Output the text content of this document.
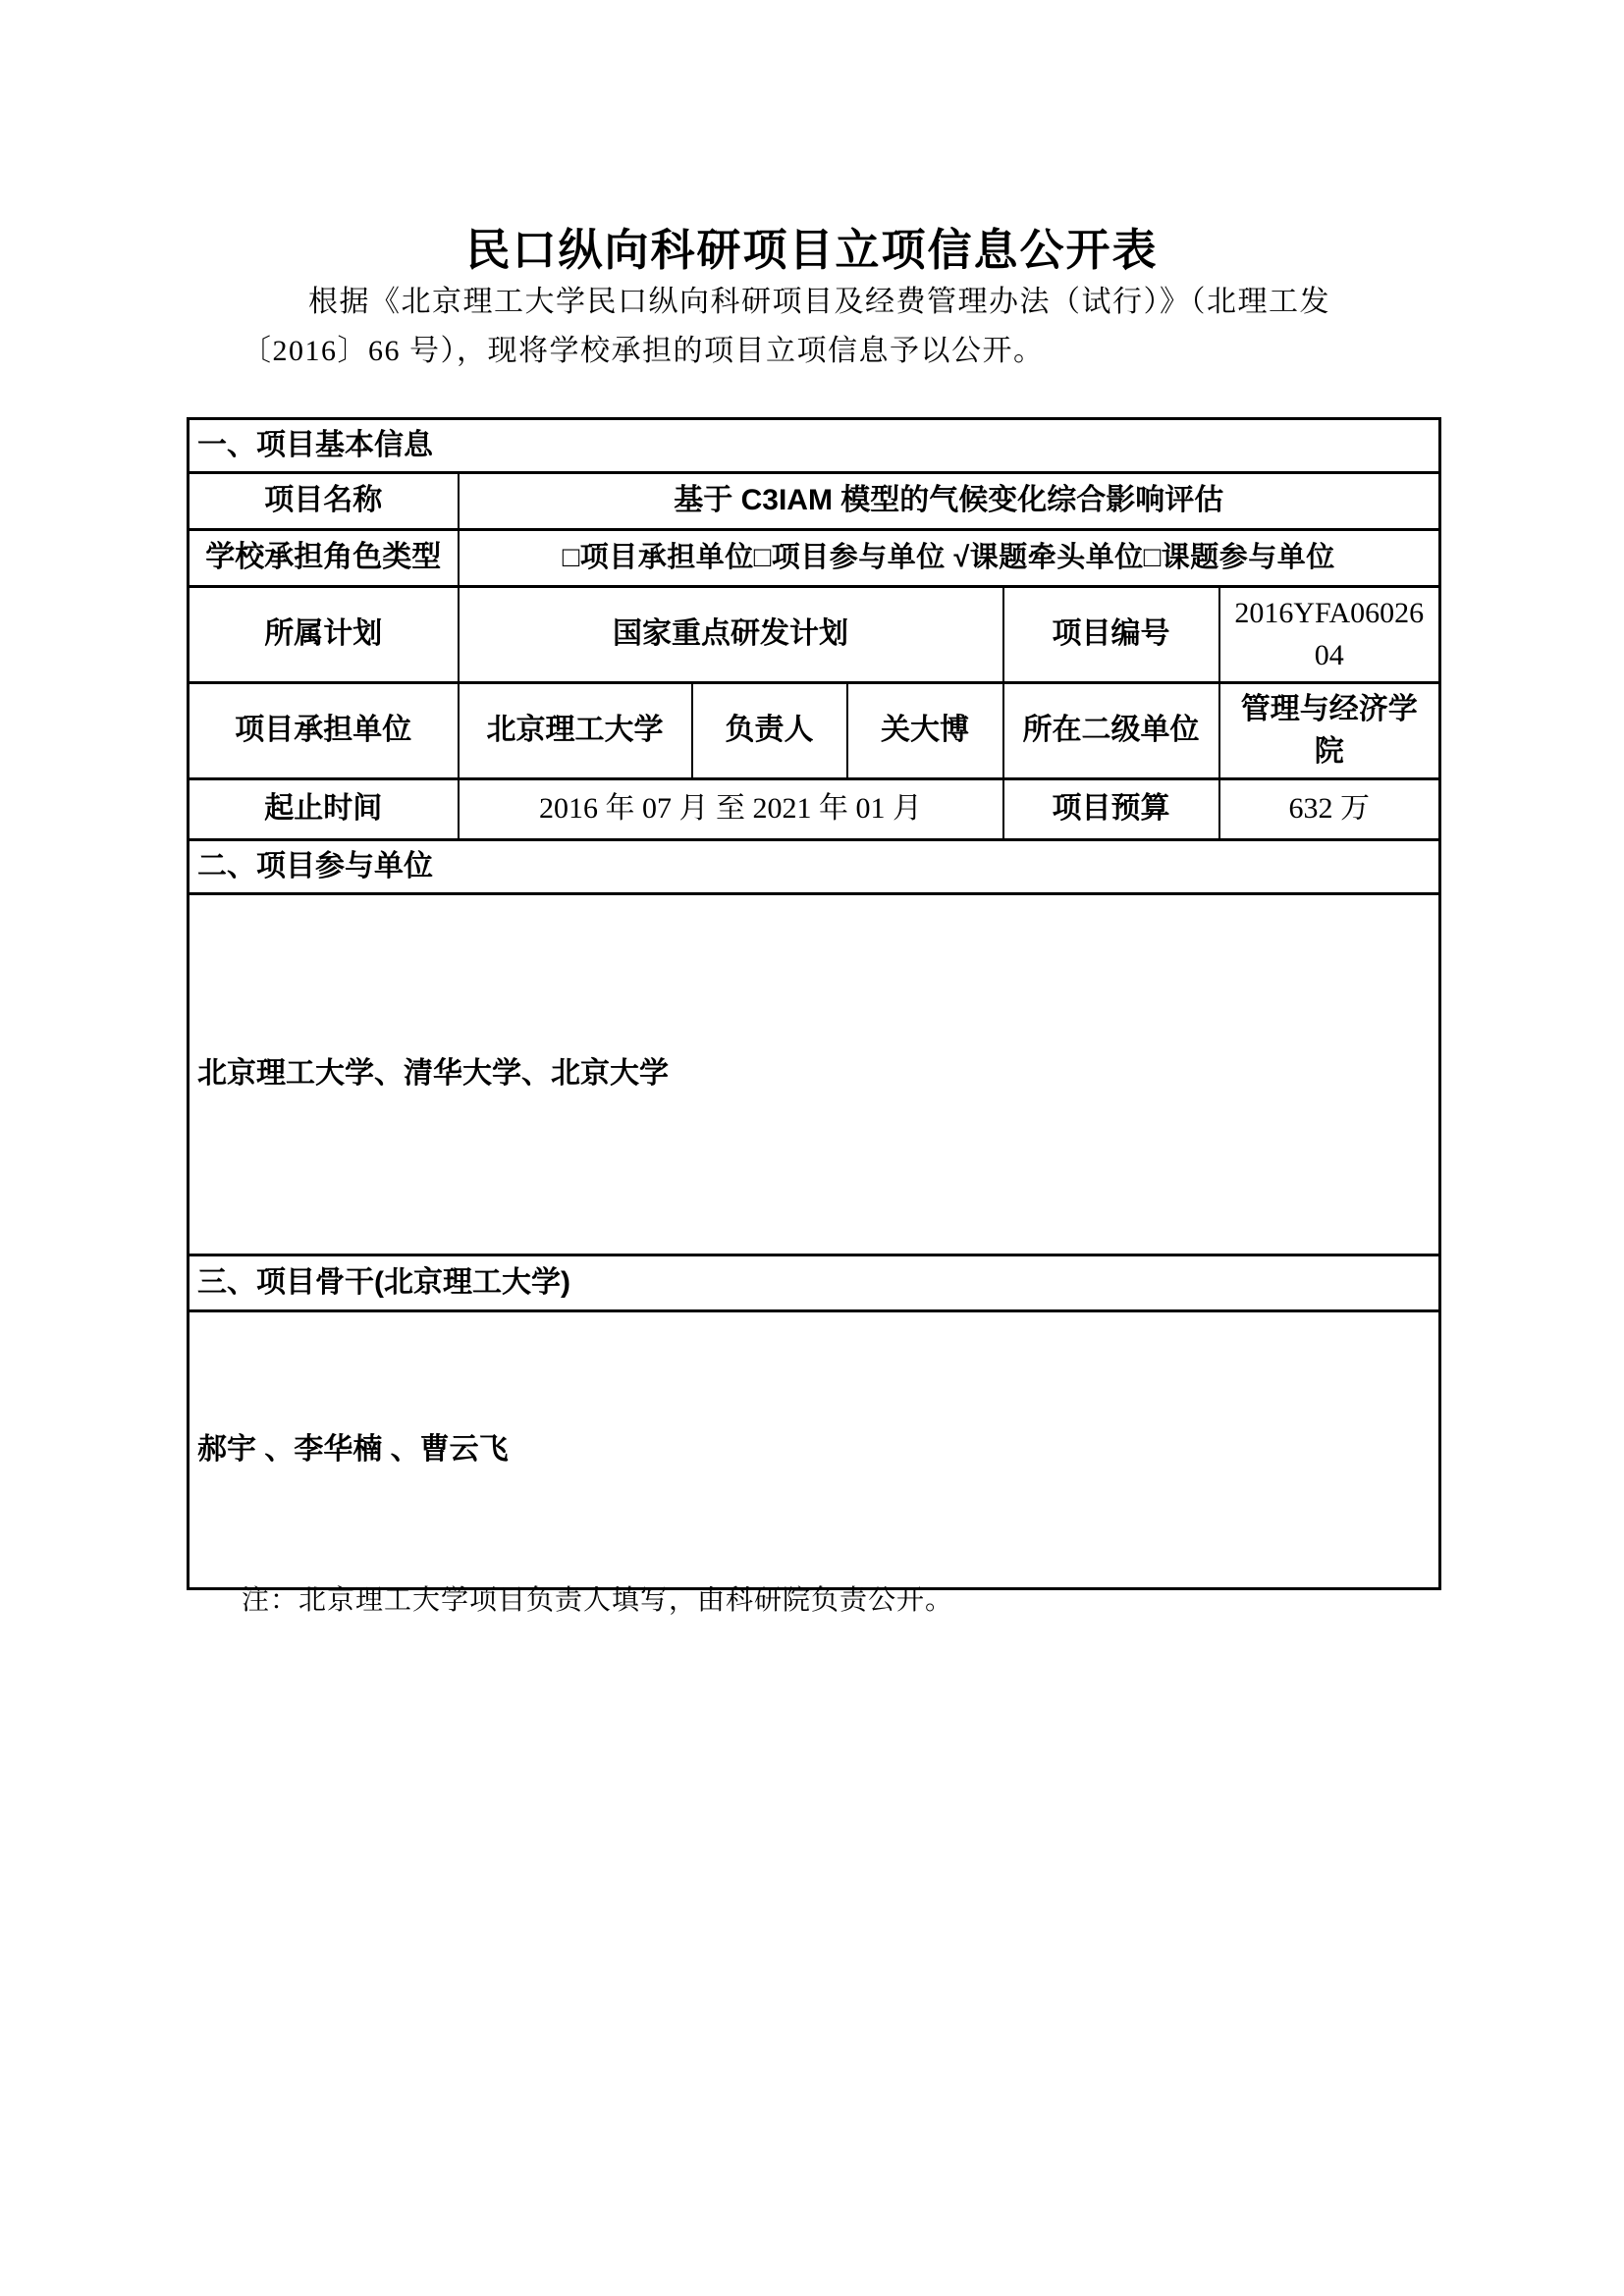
民口纵向科研项目立项信息公开表
根据《北京理工大学民口纵向科研项目及经费管理办法（试行）》（北理工发
〔2016〕66 号），现将学校承担的项目立项信息予以公开。
一、项目基本信息					
项目名称	基于 C3IAM 模型的气候变化综合影响评估				
学校承担角色类型	□项目承担单位□项目参与单位 √课题牵头单位□课题参与单位				
所属计划	国家重点研发计划			项目编号	2016YFA0602604
项目承担单位	北京理工大学	负责人	关大博	所在二级单位	管理与经济学院
起止时间	2016 年 07 月 至 2021 年 01 月			项目预算	632 万
二、项目参与单位					
北京理工大学、清华大学、北京大学					
三、项目骨干(北京理工大学)					
郝宇 、李华楠 、曹云飞					
注：北京理工大学项目负责人填写，由科研院负责公开。
